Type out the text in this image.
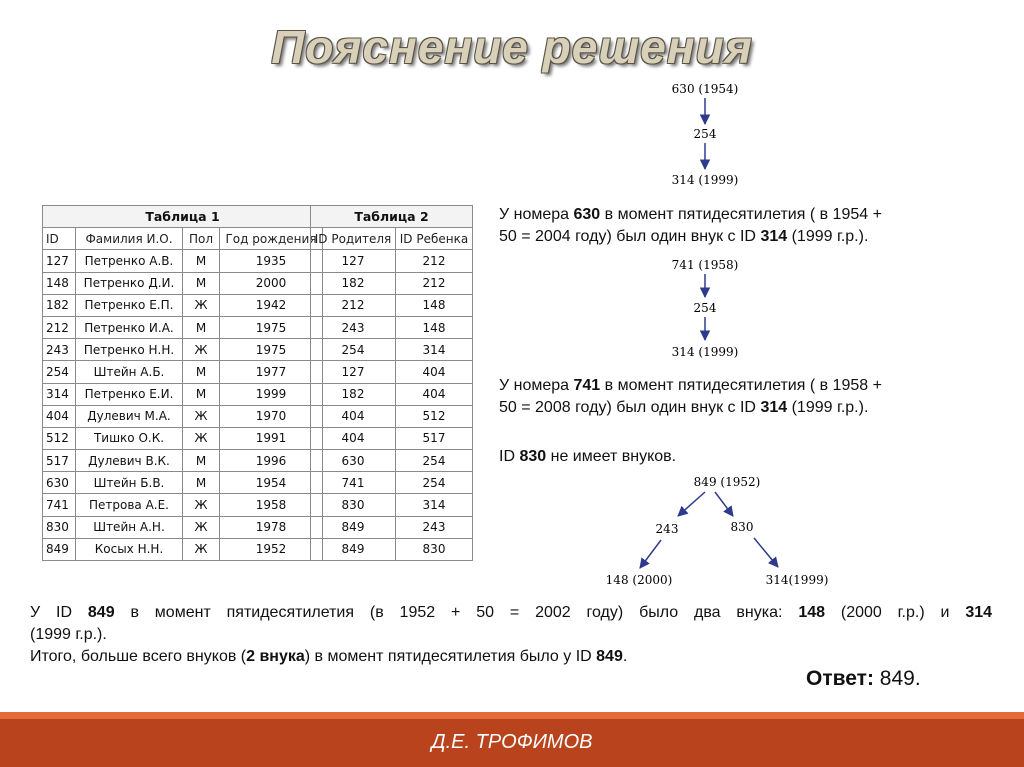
Пояснение решения
Таблица 1			
ID	Фамилия И.О.	Пол	Год рождения
127	Петренко А.В.	М	1935
148	Петренко Д.И.	М	2000
182	Петренко Е.П.	Ж	1942
212	Петренко И.А.	М	1975
243	Петренко Н.Н.	Ж	1975
254	Штейн А.Б.	М	1977
314	Петренко Е.И.	М	1999
404	Дулевич М.А.	Ж	1970
512	Тишко О.К.	Ж	1991
517	Дулевич В.К.	М	1996
630	Штейн Б.В.	М	1954
741	Петрова А.Е.	Ж	1958
830	Штейн А.Н.	Ж	1978
849	Косых Н.Н.	Ж	1952
Таблица 2	
ID Родителя	ID Ребенка
127	212
182	212
212	148
243	148
254	314
127	404
182	404
404	512
404	517
630	254
741	254
830	314
849	243
849	830
630 (1954)
254
314 (1999)
741 (1958)
254
314 (1999)
849 (1952)
243	830
148 (2000)	314(1999)
У номера 630 в момент пятидесятилетия ( в 1954 +
50 = 2004 году) был один внук с ID 314 (1999 г.р.).
У номера 741 в момент пятидесятилетия ( в 1958 +
50 = 2008 году) был один внук с ID 314 (1999 г.р.).
ID 830 не имеет внуков.
У ID 849 в момент пятидесятилетия (в 1952 + 50 = 2002 году) было два внука: 148 (2000 г.р.) и 314
(1999 г.р.).
Итого, больше всего внуков (2 внука) в момент пятидесятилетия было у ID 849.
Ответ: 849.
Д.Е. ТРОФИМОВ
